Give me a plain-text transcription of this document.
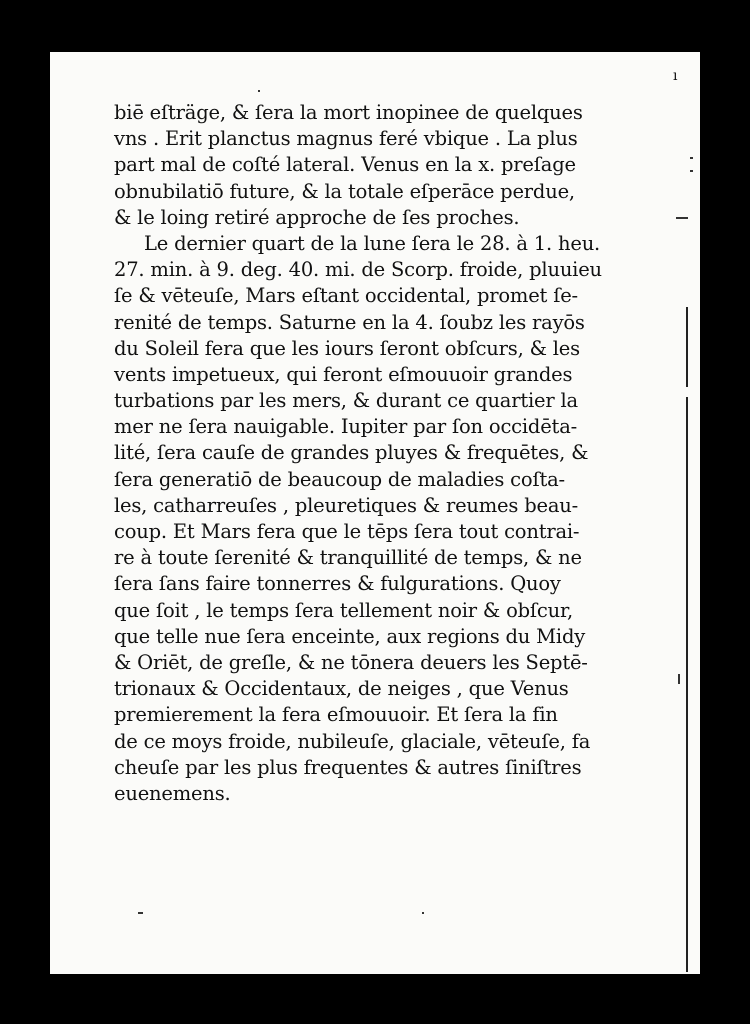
ı
biē eſträge, & ſera la mort inopinee de quelques
vns . Erit planctus magnus feré vbique . La plus
part mal de coſté lateral. Venus en la x. preſage
obnubilatiō future, & la totale eſperāce perdue,
& le loing retiré approche de ſes proches.
Le dernier quart de la lune ſera le 28. à 1. heu.
27. min. à 9. deg. 40. mi. de Scorp. froide, pluuieu
ſe & vēteuſe, Mars eſtant occidental, promet ſe-
renité de temps. Saturne en la 4. ſoubz les rayōs
du Soleil fera que les iours ſeront obſcurs, & les
vents impetueux, qui feront eſmouuoir grandes
turbations par les mers, & durant ce quartier la
mer ne ſera nauigable. Iupiter par ſon occidēta-
lité, ſera cauſe de grandes pluyes & frequētes, &
ſera generatiō de beaucoup de maladies coſta-
les, catharreuſes , pleuretiques & reumes beau-
coup. Et Mars fera que le tēps ſera tout contrai-
re à toute ſerenité & tranquillité de temps, & ne
ſera ſans faire tonnerres & fulgurations. Quoy
que ſoit , le temps ſera tellement noir & obſcur,
que telle nue ſera enceinte, aux regions du Midy
& Oriēt, de greſle, & ne tōnera deuers les Septē-
trionaux & Occidentaux, de neiges , que Venus
premierement la fera eſmouuoir. Et ſera la fin
de ce moys froide, nubileuſe, glaciale, vēteuſe, fa
cheuſe par les plus frequentes & autres ſiniſtres
euenemens.
